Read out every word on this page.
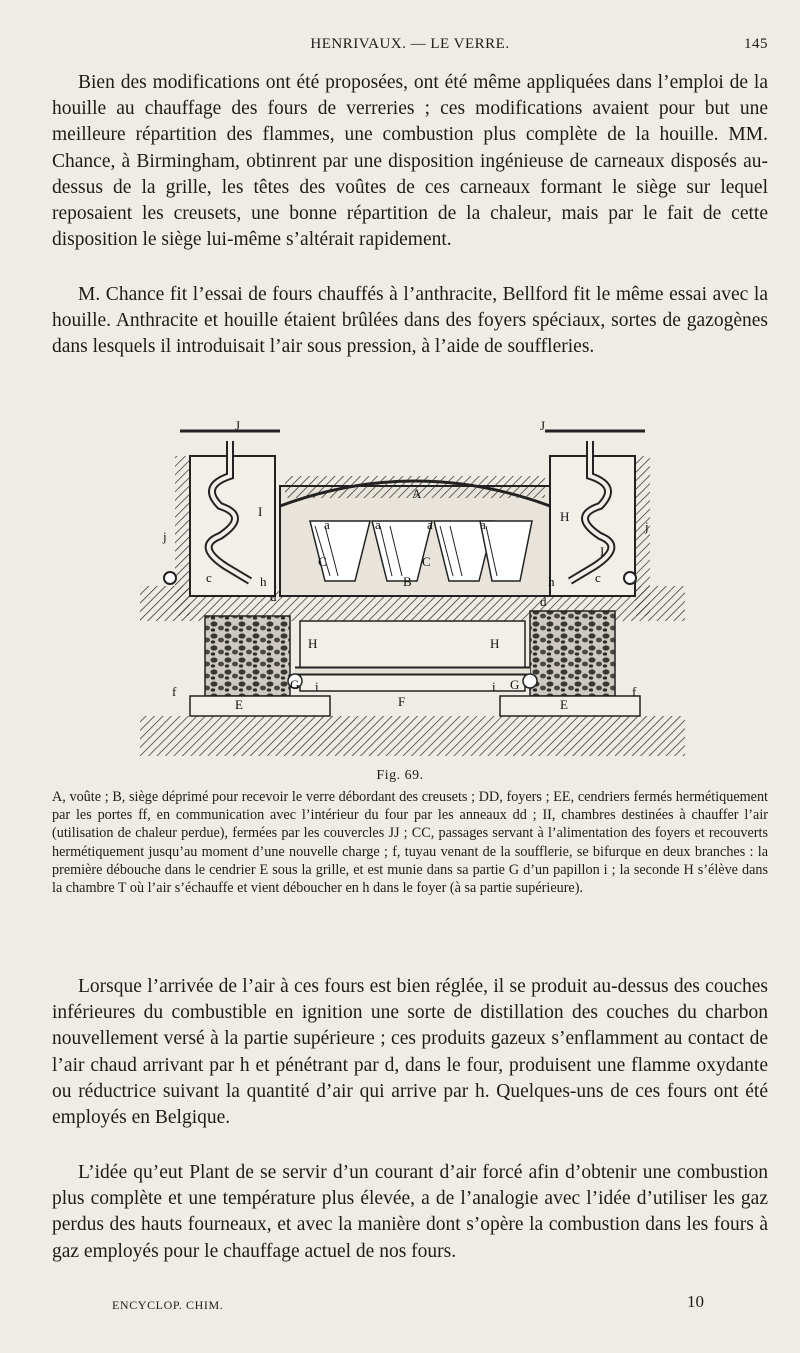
HENRIVAUX. — LE VERRE.	145

Bien des modifications ont été proposées, ont été même appliquées dans l’emploi de la houille au chauffage des fours de verreries ; ces modifications avaient pour but une meilleure répartition des flammes, une combustion plus complète de la houille. MM. Chance, à Birmingham, obtinrent par une disposition ingénieuse de carneaux disposés au-dessus de la grille, les têtes des voûtes de ces carneaux formant le siège sur lequel reposaient les creusets, une bonne répartition de la chaleur, mais par le fait de cette disposition le siège lui-même s’altérait rapidement.

M. Chance fit l’essai de fours chauffés à l’anthracite, Bellford fit le même essai avec la houille. Anthracite et houille étaient brûlées dans des foyers spéciaux, sortes de gazogènes dans lesquels il introduisait l’air sous pression, à l’aide de souffleries.

J	J
I
I
H
j
j
A
a	a	a	a
C	C
B
c	c
h	h
d	d
H	H
G	G
i	i
F
E	E
f	f
Fig. 69.

A, voûte ; B, siège déprimé pour recevoir le verre débordant des creusets ; DD, foyers ; EE, cendriers fermés hermétiquement par les portes ff, en communication avec l’intérieur du four par les anneaux dd ; II, chambres destinées à chauffer l’air (utilisation de chaleur perdue), fermées par les couvercles JJ ; CC, passages servant à l’alimentation des foyers et recouverts hermétiquement jusqu’au moment d’une nouvelle charge ; f, tuyau venant de la soufflerie, se bifurque en deux branches : la première débouche dans le cendrier E sous la grille, et est munie dans sa partie G d’un papillon i ; la seconde H s’élève dans la chambre T où l’air s’échauffe et vient déboucher en h dans le foyer (à sa partie supérieure).

Lorsque l’arrivée de l’air à ces fours est bien réglée, il se produit au-dessus des couches inférieures du combustible en ignition une sorte de distillation des couches du charbon nouvellement versé à la partie supérieure ; ces produits gazeux s’enflamment au contact de l’air chaud arrivant par h et pénétrant par d, dans le four, produisent une flamme oxydante ou réductrice suivant la quantité d’air qui arrive par h. Quelques-uns de ces fours ont été employés en Belgique.

L’idée qu’eut Plant de se servir d’un courant d’air forcé afin d’obtenir une combustion plus complète et une température plus élevée, a de l’analogie avec l’idée d’utiliser les gaz perdus des hauts fourneaux, et avec la manière dont s’opère la combustion dans les fours à gaz employés pour le chauffage actuel de nos fours.

ENCYCLOP. CHIM.	10
